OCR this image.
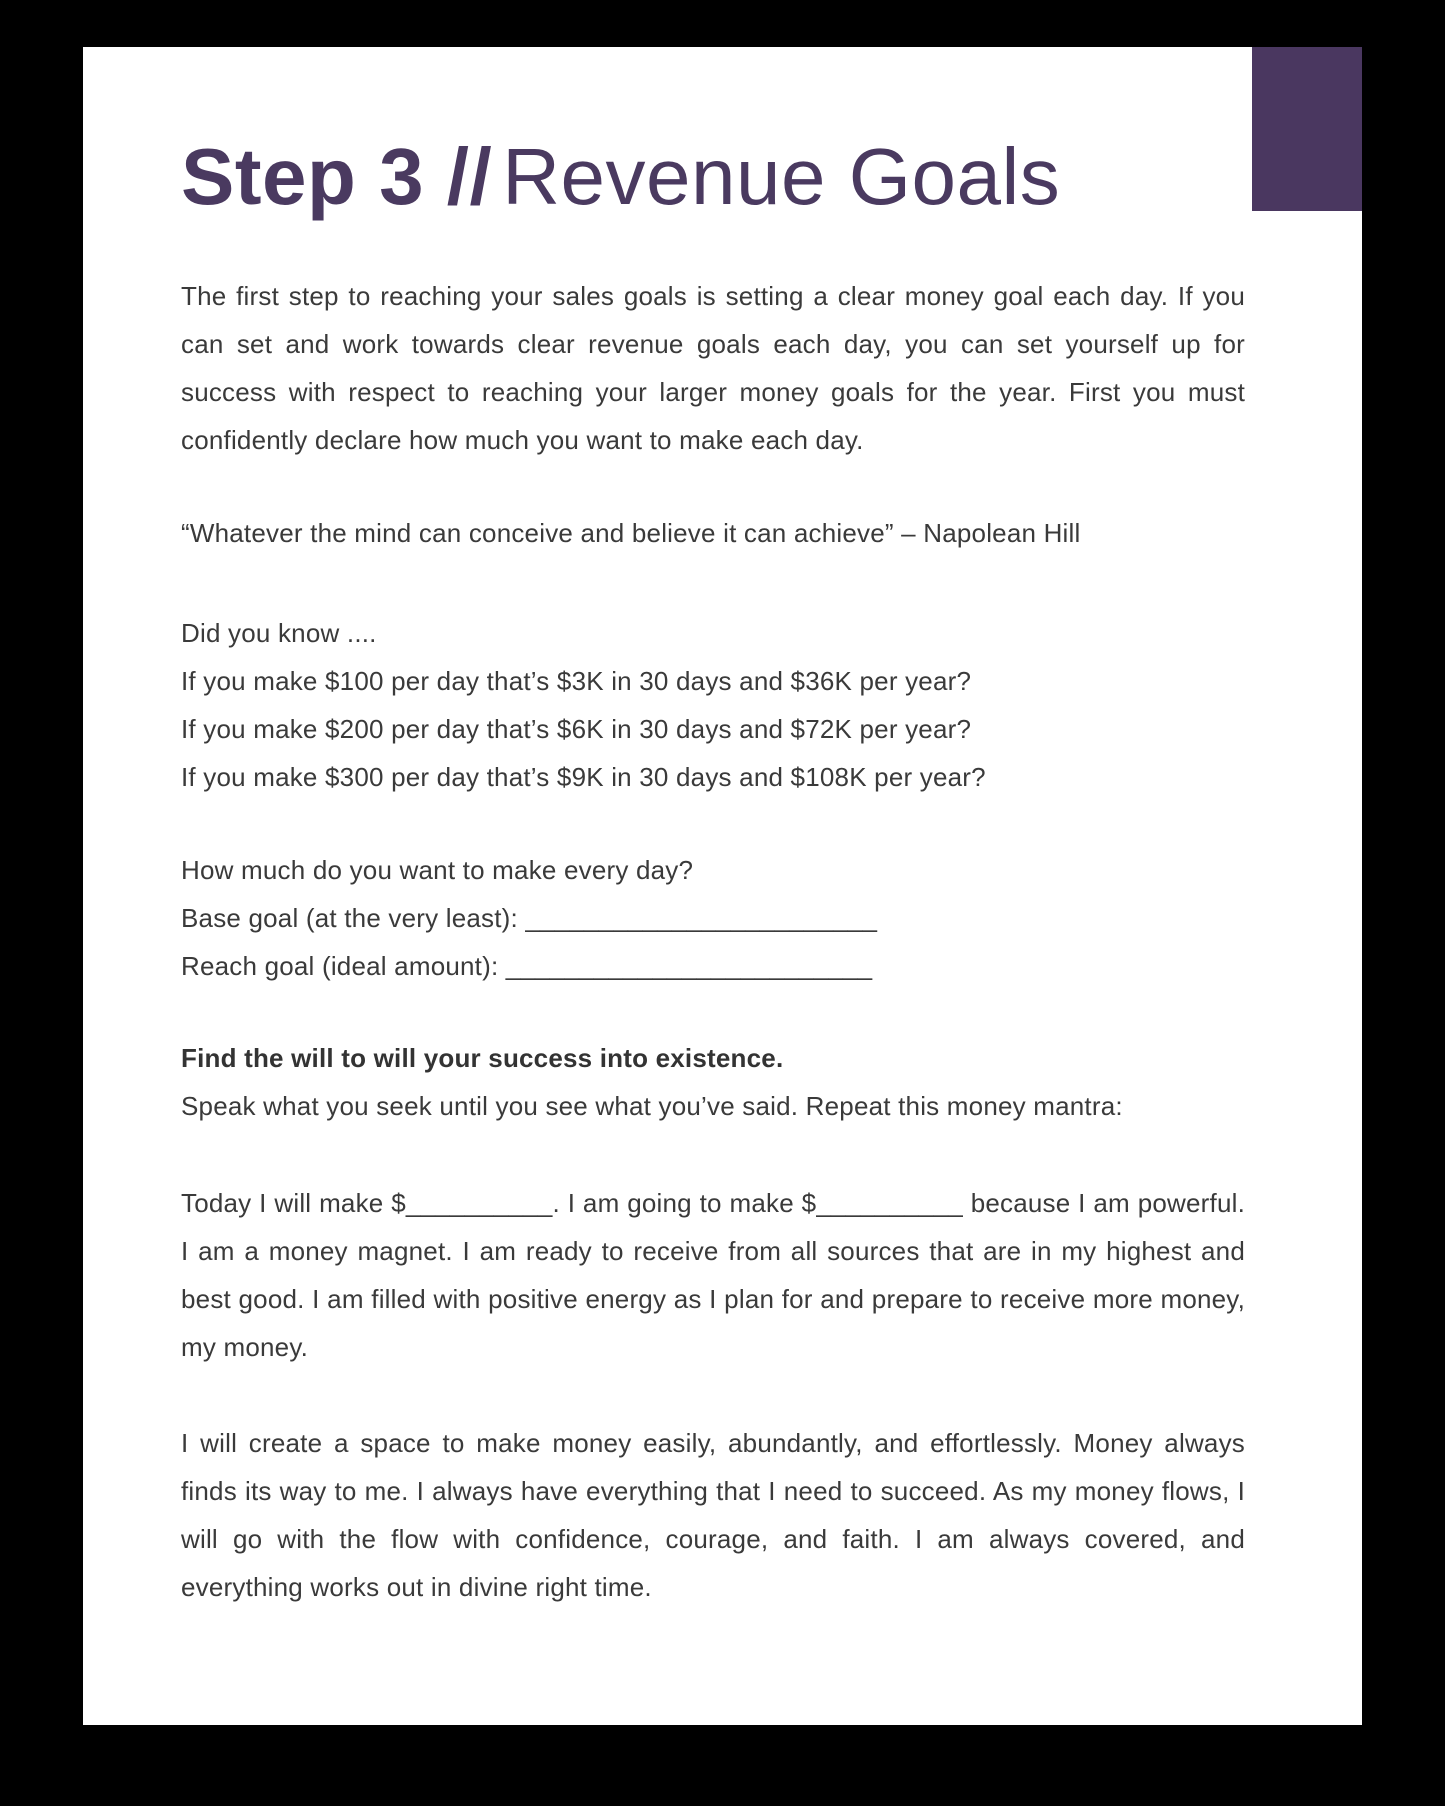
Step 3 // Revenue Goals
The first step to reaching your sales goals is setting a clear money goal each day. If you can set and work towards clear revenue goals each day, you can set yourself up for success with respect to reaching your larger money goals for the year. First you must confidently declare how much you want to make each day.
“Whatever the mind can conceive and believe it can achieve” – Napolean Hill
Did you know ....
If you make $100 per day that’s $3K in 30 days and $36K per year?
If you make $200 per day that’s $6K in 30 days and $72K per year?
If you make $300 per day that’s $9K in 30 days and $108K per year?
How much do you want to make every day?
Base goal (at the very least): ________________________
Reach goal (ideal amount): _________________________
Find the will to will your success into existence.
Speak what you seek until you see what you’ve said. Repeat this money mantra:
Today I will make $__________. I am going to make $__________ because I am powerful. I am a money magnet. I am ready to receive from all sources that are in my highest and best good. I am filled with positive energy as I plan for and prepare to receive more money, my money.
I will create a space to make money easily, abundantly, and effortlessly. Money always finds its way to me. I always have everything that I need to succeed. As my money flows, I will go with the flow with confidence, courage, and faith. I am always covered, and everything works out in divine right time.
